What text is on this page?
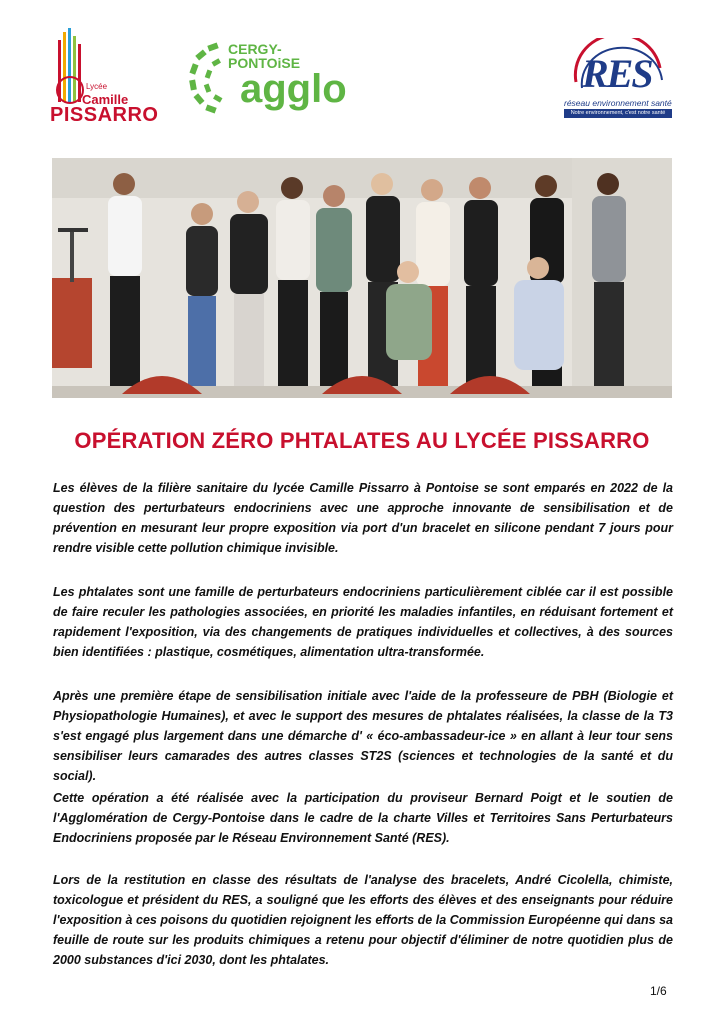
Lycée
Camille
PISSARRO
CERGY-
PONTOiSE
agglo	RES
réseau environnement santé
Notre environnement, c'est notre santé
OPÉRATION ZÉRO PHTALATES AU LYCÉE PISSARRO

Les élèves de la filière sanitaire du lycée Camille Pissarro à Pontoise se sont emparés en 2022 de la question des perturbateurs endocriniens avec une approche innovante de sensibilisation et de prévention en mesurant leur propre exposition via port d'un bracelet en silicone pendant 7 jours pour rendre visible cette pollution chimique invisible.

Les phtalates sont une famille de perturbateurs endocriniens particulièrement ciblée car il est possible de faire reculer les pathologies associées, en priorité les maladies infantiles, en réduisant fortement et rapidement l'exposition, via des changements de pratiques individuelles et collectives, à des sources bien identifiées : plastique, cosmétiques, alimentation ultra-transformée.

Après une première étape de sensibilisation initiale avec l'aide de la professeure de PBH (Biologie et Physiopathologie Humaines), et avec le support des mesures de phtalates réalisées, la classe de la T3 s'est engagé plus largement dans une démarche d' « éco-ambassadeur-ice » en allant à leur tour sens sensibiliser leurs camarades des autres classes ST2S (sciences et technologies de la santé et du social).

Cette opération a été réalisée avec la participation du proviseur Bernard Poigt et le soutien de l'Agglomération de Cergy-Pontoise dans le cadre de la charte Villes et Territoires Sans Perturbateurs Endocriniens proposée par le Réseau Environnement Santé (RES).

Lors de la restitution en classe des résultats de l'analyse des bracelets, André Cicolella, chimiste, toxicologue et président du RES, a souligné que les efforts des élèves et des enseignants pour réduire l'exposition à ces poisons du quotidien rejoignent les efforts de la Commission Européenne qui dans sa feuille de route sur les produits chimiques a retenu pour objectif d'éliminer de notre quotidien plus de 2000 substances d'ici 2030, dont les phtalates.

1/6
